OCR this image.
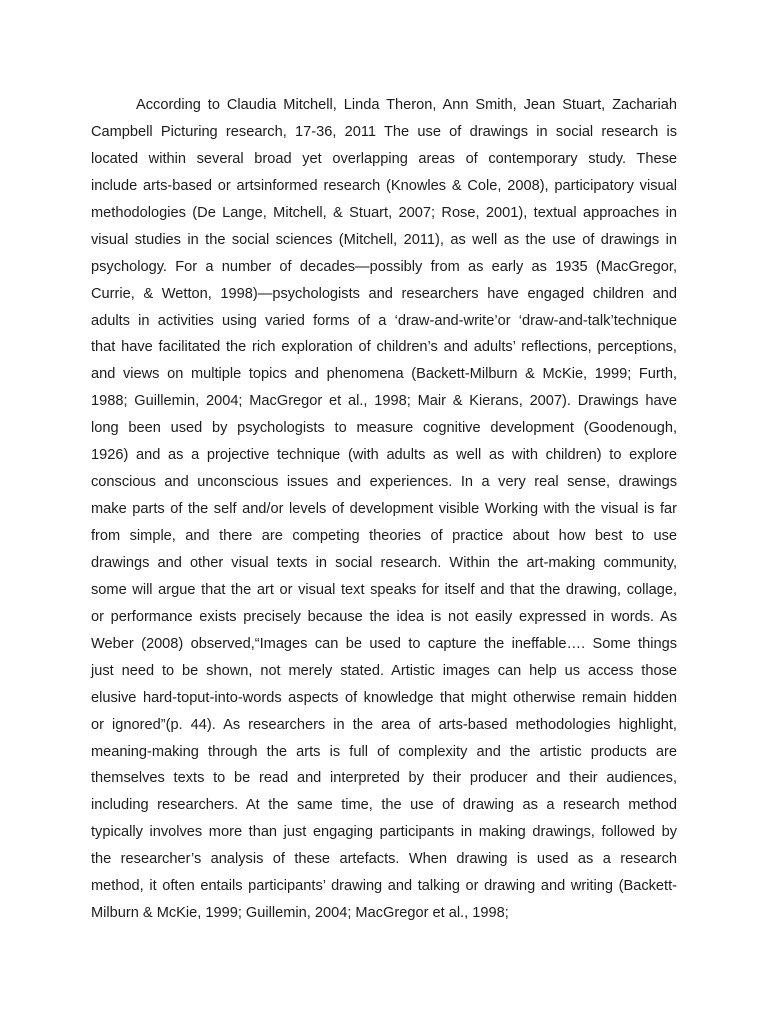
According to Claudia Mitchell, Linda Theron, Ann Smith, Jean Stuart, Zachariah
Campbell Picturing research, 17-36, 2011 The use of drawings in social research is
located within several broad yet overlapping areas of contemporary study. These
include arts-based or artsinformed research (Knowles & Cole, 2008), participatory visual
methodologies (De Lange, Mitchell, & Stuart, 2007; Rose, 2001), textual approaches in
visual studies in the social sciences (Mitchell, 2011), as well as the use of drawings in
psychology. For a number of decades—possibly from as early as 1935 (MacGregor,
Currie, & Wetton, 1998)—psychologists and researchers have engaged children and
adults in activities using varied forms of a ‘draw-and-write’or ‘draw-and-talk’technique
that have facilitated the rich exploration of children’s and adults’ reflections, perceptions,
and views on multiple topics and phenomena (Backett-Milburn & McKie, 1999; Furth,
1988; Guillemin, 2004; MacGregor et al., 1998; Mair & Kierans, 2007). Drawings have
long been used by psychologists to measure cognitive development (Goodenough,
1926) and as a projective technique (with adults as well as with children) to explore
conscious and unconscious issues and experiences. In a very real sense, drawings
make parts of the self and/or levels of development visible Working with the visual is far
from simple, and there are competing theories of practice about how best to use
drawings and other visual texts in social research. Within the art-making community,
some will argue that the art or visual text speaks for itself and that the drawing, collage,
or performance exists precisely because the idea is not easily expressed in words. As
Weber (2008) observed,“Images can be used to capture the ineffable…. Some things
just need to be shown, not merely stated. Artistic images can help us access those
elusive hard-toput-into-words aspects of knowledge that might otherwise remain hidden
or ignored”(p. 44). As researchers in the area of arts-based methodologies highlight,
meaning-making through the arts is full of complexity and the artistic products are
themselves texts to be read and interpreted by their producer and their audiences,
including researchers. At the same time, the use of drawing as a research method
typically involves more than just engaging participants in making drawings, followed by
the researcher’s analysis of these artefacts. When drawing is used as a research
method, it often entails participants’ drawing and talking or drawing and writing (Backett-
Milburn & McKie, 1999; Guillemin, 2004; MacGregor et al., 1998;
